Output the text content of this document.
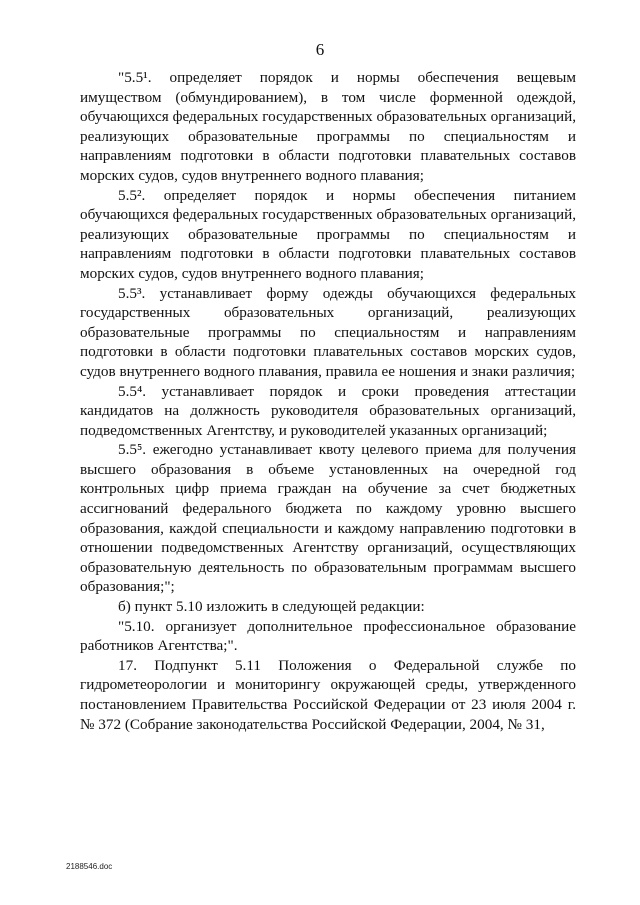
6

"5.5¹. определяет порядок и нормы обеспечения вещевым имуществом (обмундированием), в том числе форменной одеждой, обучающихся федеральных государственных образовательных организаций, реализующих образовательные программы по специальностям и направлениям подготовки в области подготовки плавательных составов морских судов, судов внутреннего водного плавания;

5.5². определяет порядок и нормы обеспечения питанием обучающихся федеральных государственных образовательных организаций, реализующих образовательные программы по специальностям и направлениям подготовки в области подготовки плавательных составов морских судов, судов внутреннего водного плавания;

5.5³. устанавливает форму одежды обучающихся федеральных государственных образовательных организаций, реализующих образовательные программы по специальностям и направлениям подготовки в области подготовки плавательных составов морских судов, судов внутреннего водного плавания, правила ее ношения и знаки различия;

5.5⁴. устанавливает порядок и сроки проведения аттестации кандидатов на должность руководителя образовательных организаций, подведомственных Агентству, и руководителей указанных организаций;

5.5⁵. ежегодно устанавливает квоту целевого приема для получения высшего образования в объеме установленных на очередной год контрольных цифр приема граждан на обучение за счет бюджетных ассигнований федерального бюджета по каждому уровню высшего образования, каждой специальности и каждому направлению подготовки в отношении подведомственных Агентству организаций, осуществляющих образовательную деятельность по образовательным программам высшего образования;";

б) пункт 5.10 изложить в следующей редакции:

"5.10. организует дополнительное профессиональное образование работников Агентства;".

17. Подпункт 5.11 Положения о Федеральной службе по гидрометеорологии и мониторингу окружающей среды, утвержденного постановлением Правительства Российской Федерации от 23 июля 2004 г. № 372 (Собрание законодательства Российской Федерации, 2004, № 31,

2188546.doc
